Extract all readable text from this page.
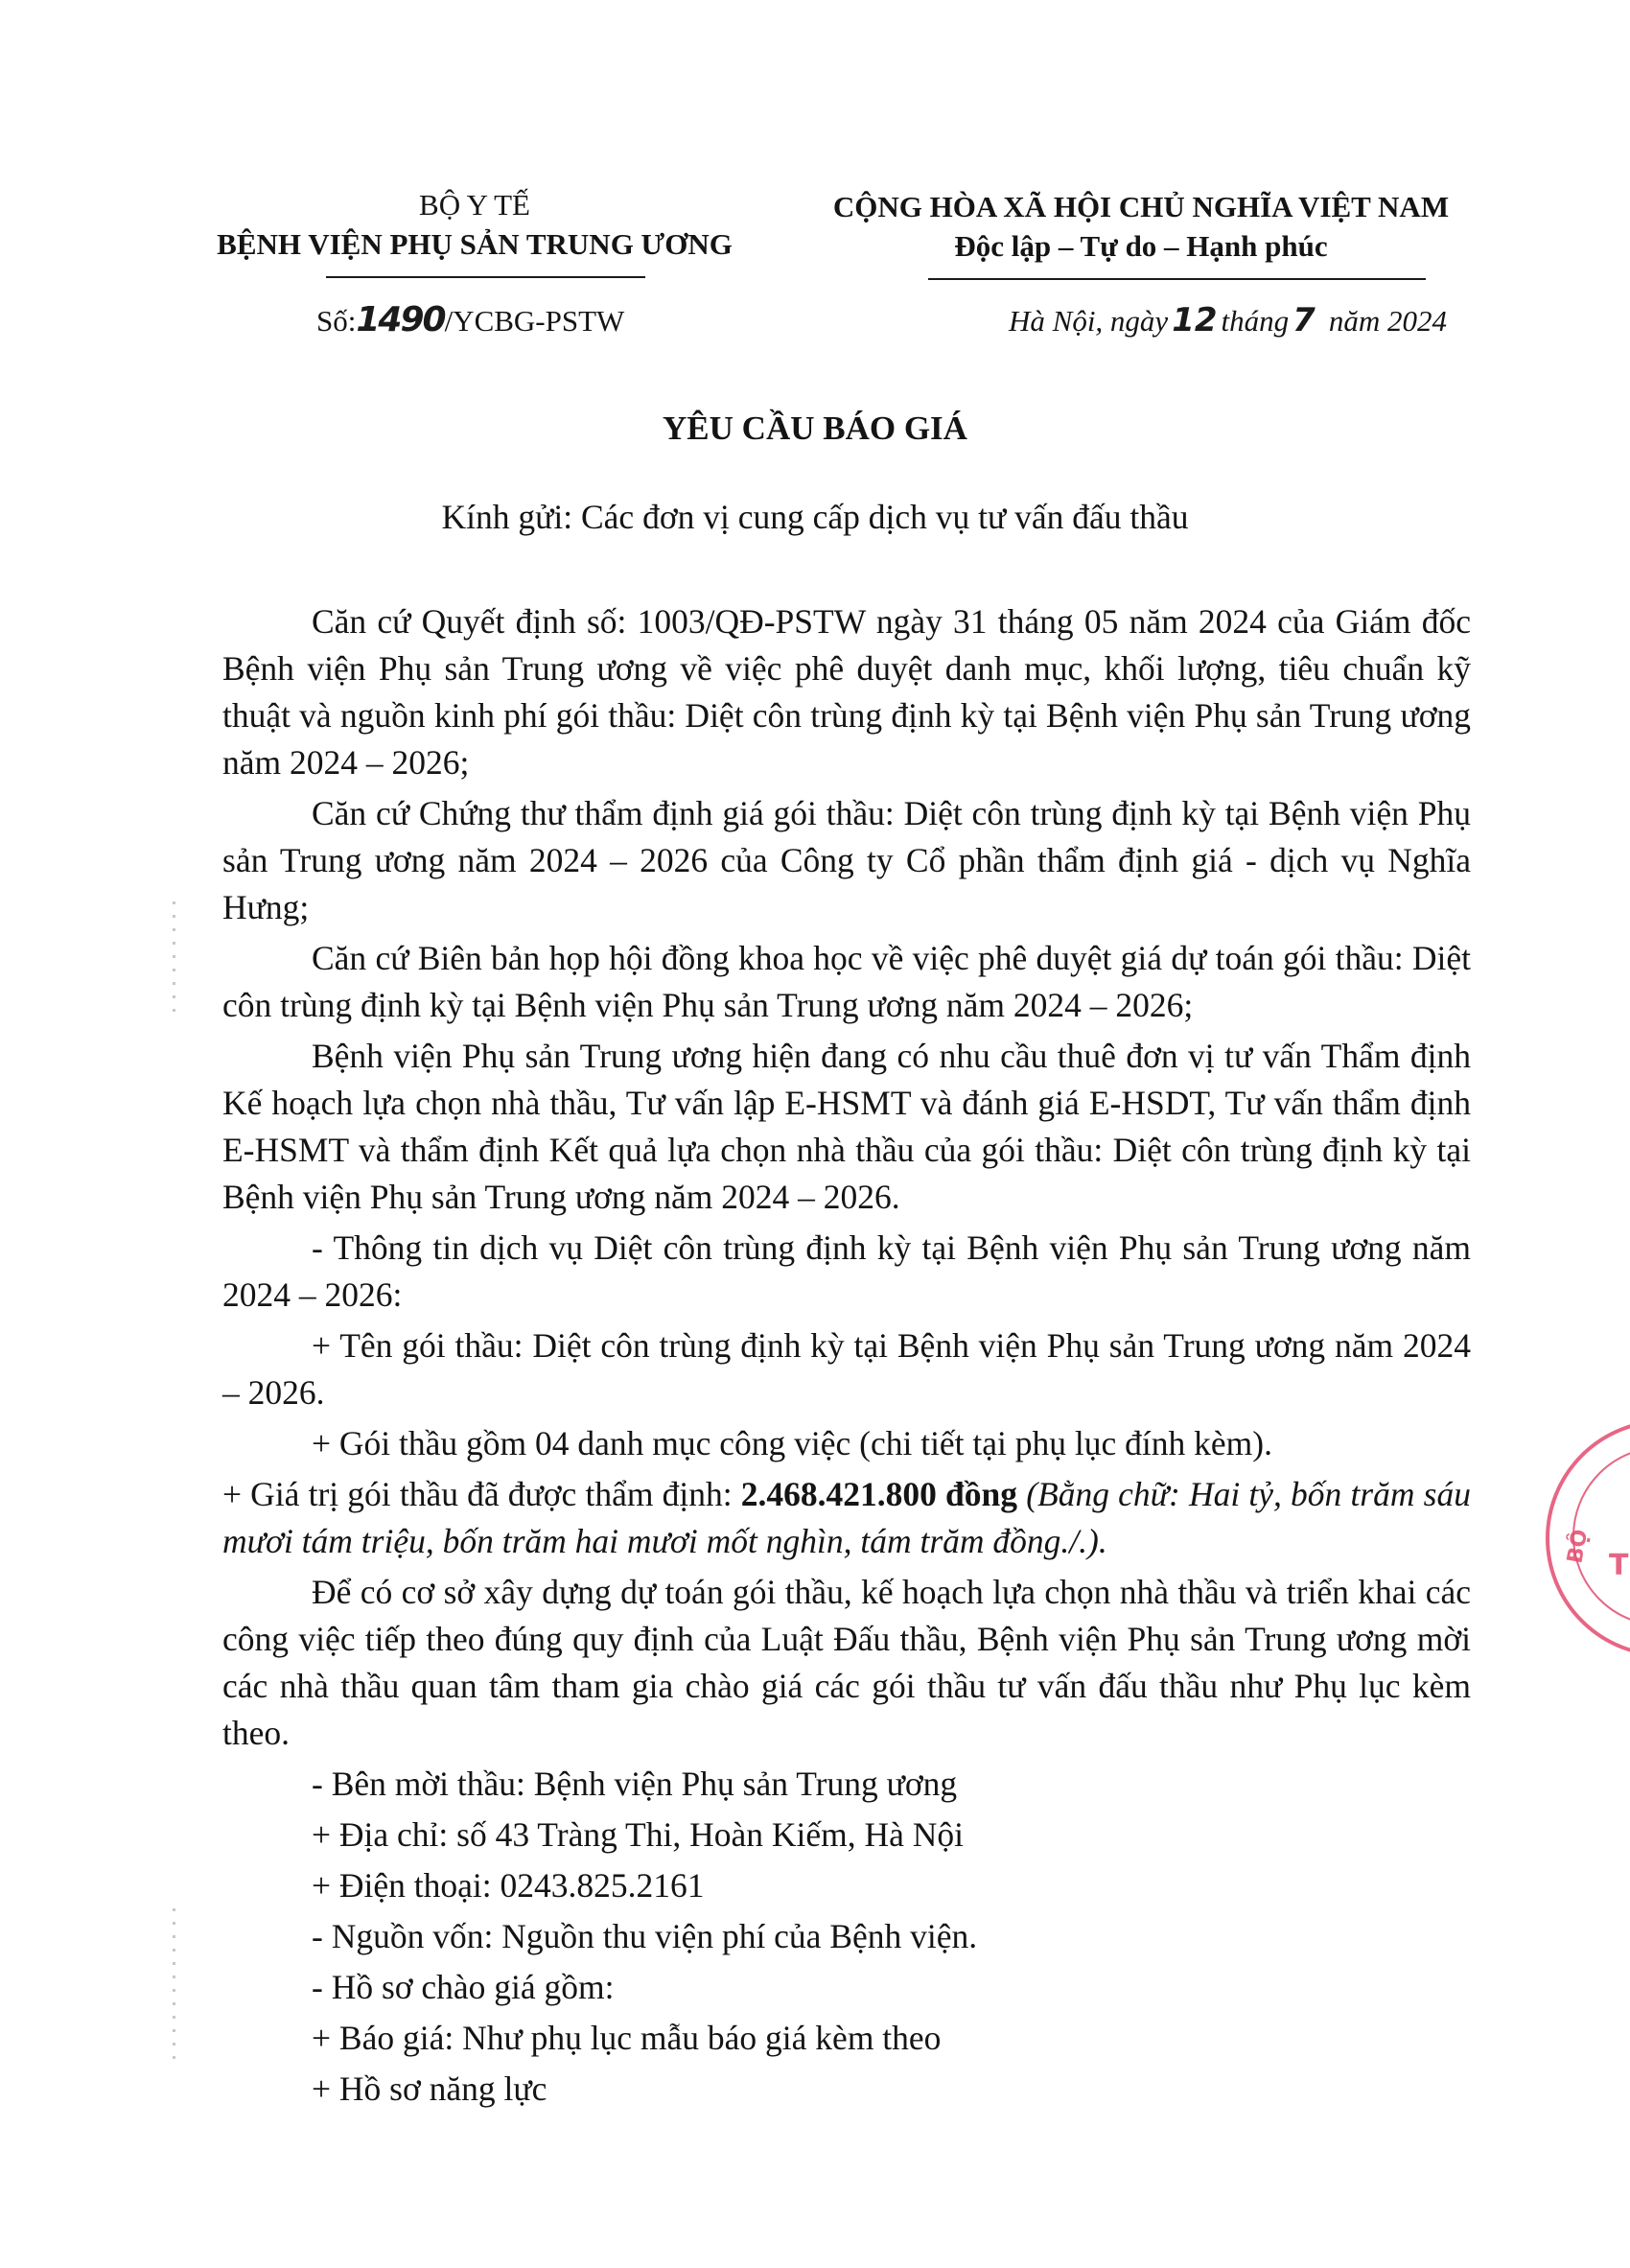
BỘ Y TẾ
BỆNH VIỆN PHỤ SẢN TRUNG ƯƠNG
CỘNG HÒA XÃ HỘI CHỦ NGHĨA VIỆT NAM
Độc lập – Tự do – Hạnh phúc
Số:1490/YCBG-PSTW	Hà Nội, ngày 12 tháng 7 năm 2024
YÊU CẦU BÁO GIÁ
Kính gửi: Các đơn vị cung cấp dịch vụ tư vấn đấu thầu

Căn cứ Quyết định số: 1003/QĐ-PSTW ngày 31 tháng 05 năm 2024 của Giám đốc Bệnh viện Phụ sản Trung ương về việc phê duyệt danh mục, khối lượng, tiêu chuẩn kỹ thuật và nguồn kinh phí gói thầu: Diệt côn trùng định kỳ tại Bệnh viện Phụ sản Trung ương năm 2024 – 2026;

Căn cứ Chứng thư thẩm định giá gói thầu: Diệt côn trùng định kỳ tại Bệnh viện Phụ sản Trung ương năm 2024 – 2026 của Công ty Cổ phần thẩm định giá - dịch vụ Nghĩa Hưng;

Căn cứ Biên bản họp hội đồng khoa học về việc phê duyệt giá dự toán gói thầu: Diệt côn trùng định kỳ tại Bệnh viện Phụ sản Trung ương năm 2024 – 2026;

Bệnh viện Phụ sản Trung ương hiện đang có nhu cầu thuê đơn vị tư vấn Thẩm định Kế hoạch lựa chọn nhà thầu, Tư vấn lập E-HSMT và đánh giá E-HSDT, Tư vấn thẩm định E-HSMT và thẩm định Kết quả lựa chọn nhà thầu của gói thầu: Diệt côn trùng định kỳ tại Bệnh viện Phụ sản Trung ương năm 2024 – 2026.

- Thông tin dịch vụ Diệt côn trùng định kỳ tại Bệnh viện Phụ sản Trung ương năm 2024 – 2026:

+ Tên gói thầu: Diệt côn trùng định kỳ tại Bệnh viện Phụ sản Trung ương năm 2024 – 2026.

+ Gói thầu gồm 04 danh mục công việc (chi tiết tại phụ lục đính kèm).

+ Giá trị gói thầu đã được thẩm định: 2.468.421.800 đồng (Bằng chữ: Hai tỷ, bốn trăm sáu mươi tám triệu, bốn trăm hai mươi mốt nghìn, tám trăm đồng./.).

Để có cơ sở xây dựng dự toán gói thầu, kế hoạch lựa chọn nhà thầu và triển khai các công việc tiếp theo đúng quy định của Luật Đấu thầu, Bệnh viện Phụ sản Trung ương mời các nhà thầu quan tâm tham gia chào giá các gói thầu tư vấn đấu thầu như Phụ lục kèm theo.

- Bên mời thầu: Bệnh viện Phụ sản Trung ương

+ Địa chỉ: số 43 Tràng Thi, Hoàn Kiếm, Hà Nội

+ Điện thoại: 0243.825.2161

- Nguồn vốn: Nguồn thu viện phí của Bệnh viện.

- Hồ sơ chào giá gồm:

+ Báo giá: Như phụ lục mẫu báo giá kèm theo

+ Hồ sơ năng lực

BỘ
T
